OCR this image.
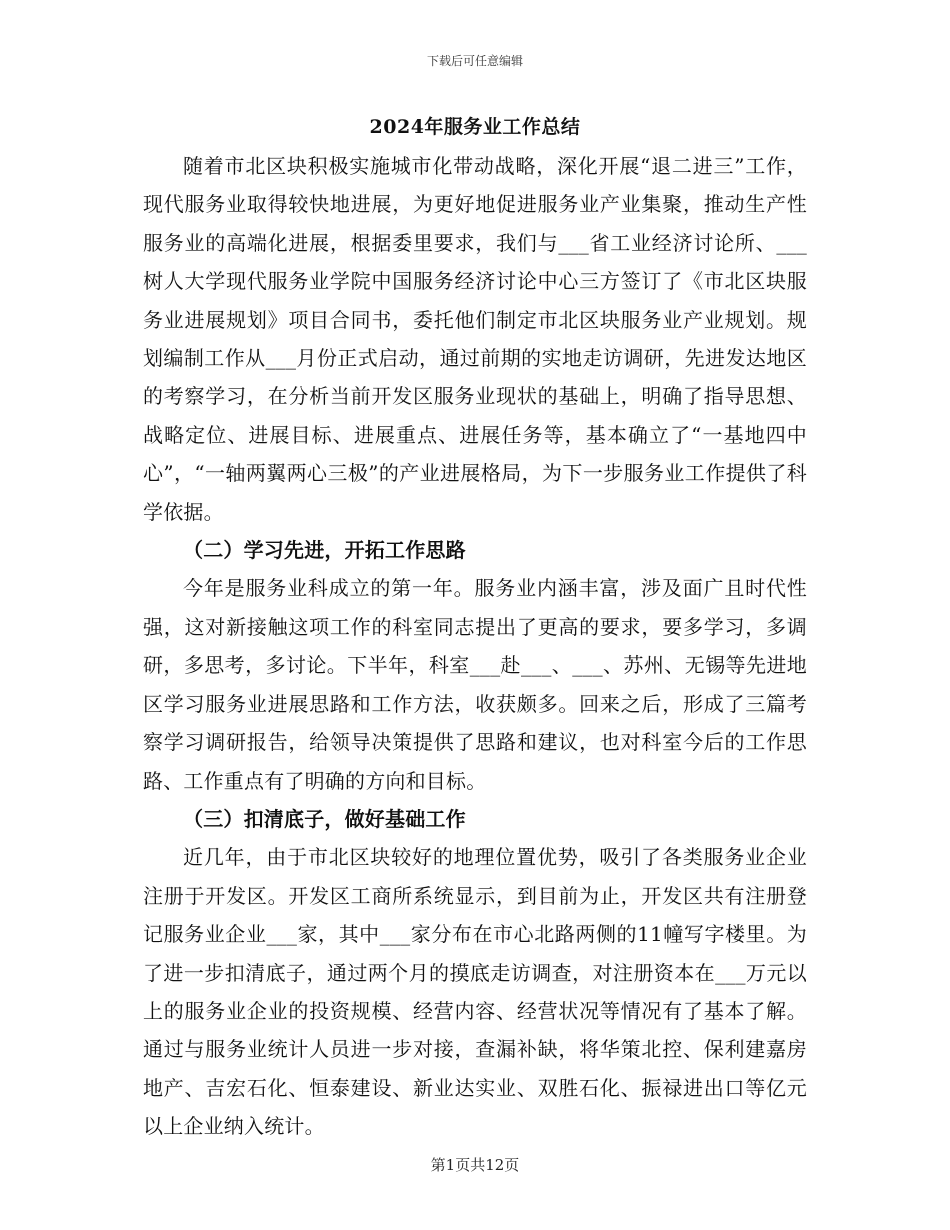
下载后可任意编辑
2024年服务业工作总结

随着市北区块积极实施城市化带动战略，深化开展“退二进三”工作，现代服务业取得较快地进展，为更好地促进服务业产业集聚，推动生产性服务业的高端化进展，根据委里要求，我们与___省工业经济讨论所、___树人大学现代服务业学院中国服务经济讨论中心三方签订了《市北区块服务业进展规划》项目合同书，委托他们制定市北区块服务业产业规划。规划编制工作从___月份正式启动，通过前期的实地走访调研，先进发达地区的考察学习，在分析当前开发区服务业现状的基础上，明确了指导思想、战略定位、进展目标、进展重点、进展任务等，基本确立了“一基地四中心”，“一轴两翼两心三极”的产业进展格局，为下一步服务业工作提供了科学依据。

（二）学习先进，开拓工作思路

今年是服务业科成立的第一年。服务业内涵丰富，涉及面广且时代性强，这对新接触这项工作的科室同志提出了更高的要求，要多学习，多调研，多思考，多讨论。下半年，科室___赴___、___、苏州、无锡等先进地区学习服务业进展思路和工作方法，收获颇多。回来之后，形成了三篇考察学习调研报告，给领导决策提供了思路和建议，也对科室今后的工作思路、工作重点有了明确的方向和目标。

（三）扣清底子，做好基础工作

近几年，由于市北区块较好的地理位置优势，吸引了各类服务业企业注册于开发区。开发区工商所系统显示，到目前为止，开发区共有注册登记服务业企业___家，其中___家分布在市心北路两侧的11幢写字楼里。为了进一步扣清底子，通过两个月的摸底走访调查，对注册资本在___万元以上的服务业企业的投资规模、经营内容、经营状况等情况有了基本了解。通过与服务业统计人员进一步对接，查漏补缺，将华策北控、保利建嘉房地产、吉宏石化、恒泰建设、新业达实业、双胜石化、振禄进出口等亿元以上企业纳入统计。

第1页共12页
